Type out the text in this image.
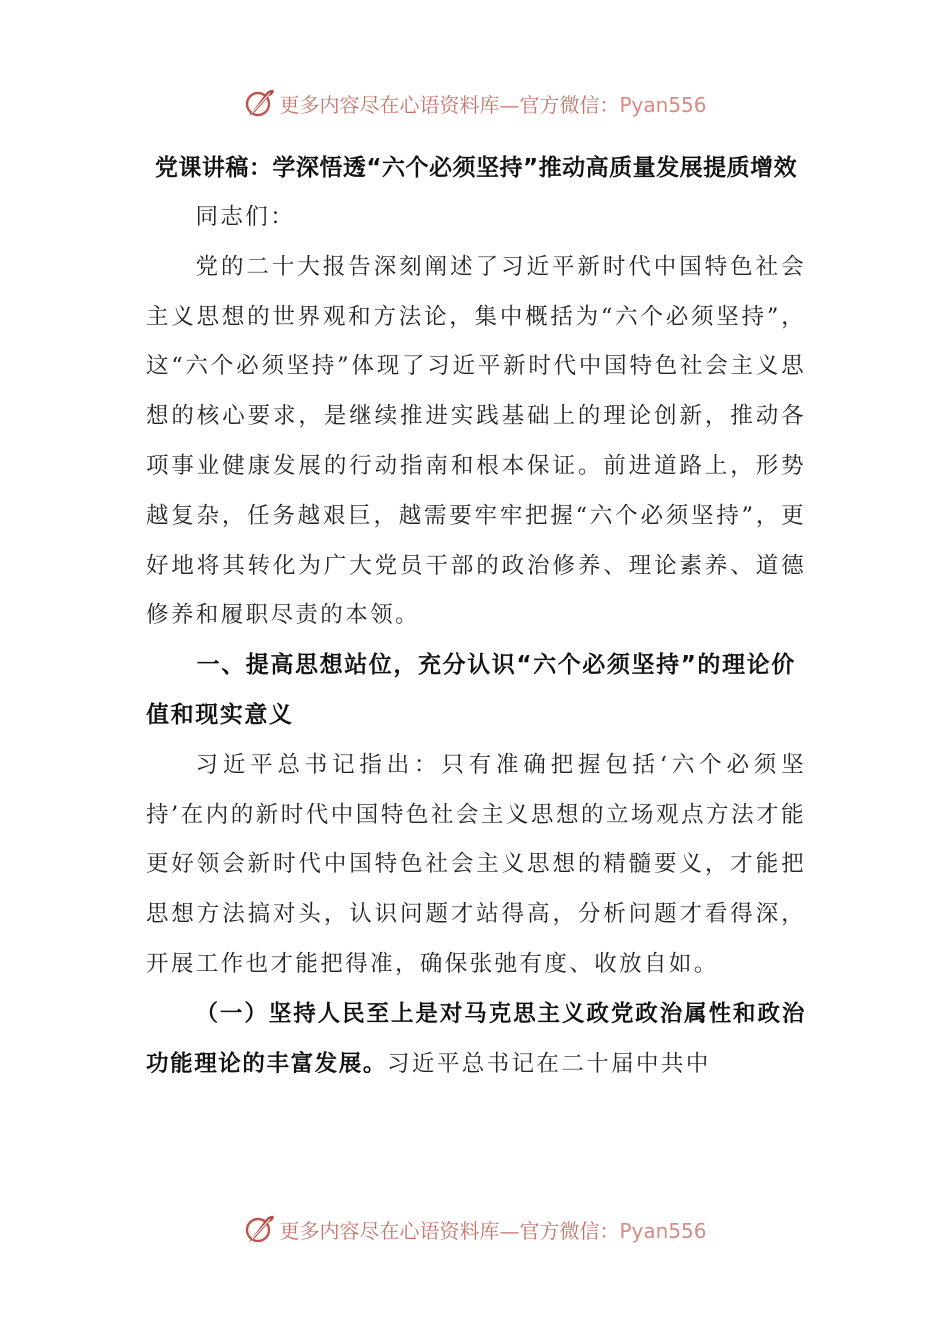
更多内容尽在心语资料库—官方微信：Pyan556
党课讲稿：学深悟透“六个必须坚持”推动高质量发展提质增效

同志们：

党的二十大报告深刻阐述了习近平新时代中国特色社会主义思想的世界观和方法论，集中概括为“六个必须坚持”，这“六个必须坚持”体现了习近平新时代中国特色社会主义思想的核心要求，是继续推进实践基础上的理论创新，推动各项事业健康发展的行动指南和根本保证。前进道路上，形势越复杂，任务越艰巨，越需要牢牢把握“六个必须坚持”，更好地将其转化为广大党员干部的政治修养、理论素养、道德修养和履职尽责的本领。

一、提高思想站位，充分认识“六个必须坚持”的理论价值和现实意义

习近平总书记指出：只有准确把握包括‘六个必须坚持’在内的新时代中国特色社会主义思想的立场观点方法才能更好领会新时代中国特色社会主义思想的精髓要义，才能把思想方法搞对头，认识问题才站得高，分析问题才看得深，开展工作也才能把得准，确保张弛有度、收放自如。

（一）坚持人民至上是对马克思主义政党政治属性和政治功能理论的丰富发展。习近平总书记在二十届中共中

更多内容尽在心语资料库—官方微信：Pyan556
